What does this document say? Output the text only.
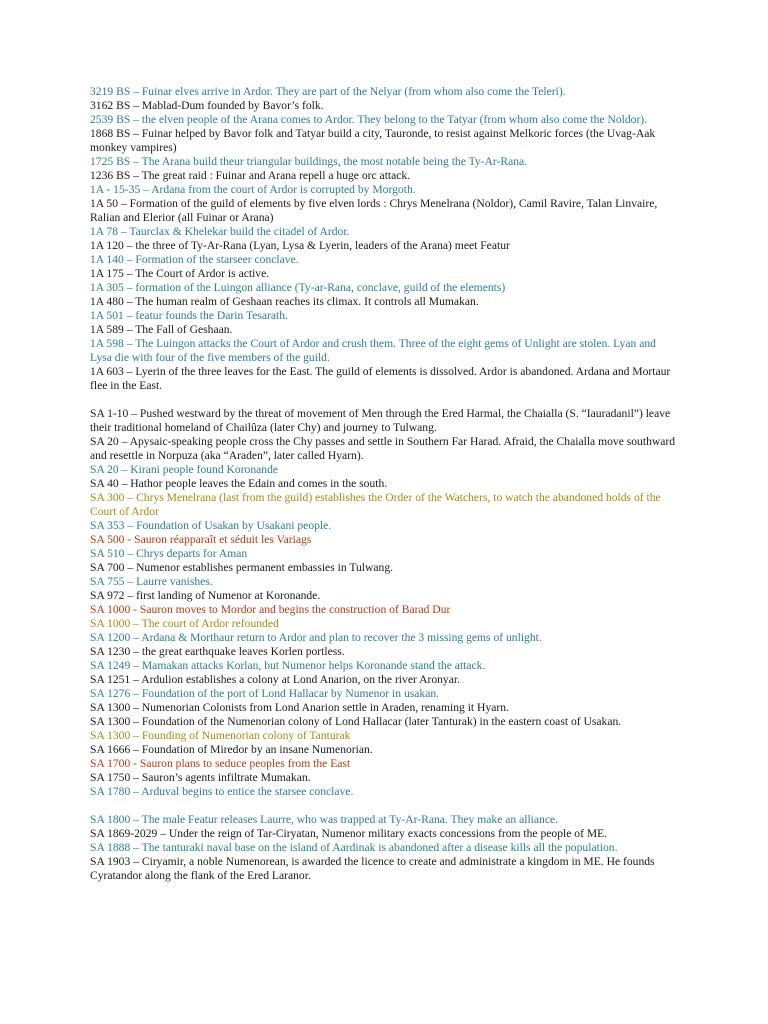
3219 BS – Fuinar elves arrive in Ardor. They are part of the Nelyar (from whom also come the Teleri).

3162 BS – Mablad-Dum founded by Bavor’s folk.

2539 BS – the elven people of the Arana comes to Ardor. They belong to the Tatyar (from whom also come the Noldor).

1868 BS – Fuinar helped by Bavor folk and Tatyar build a city, Tauronde, to resist against Melkoric forces (the Uvag-Aak monkey vampires)

1725 BS – The Arana build theur triangular buildings, the most notable being the Ty-Ar-Rana.

1236 BS – The great raid : Fuinar and Arana repell a huge orc attack.

1A - 15-35 – Ardana from the court of Ardor is corrupted by Morgoth.

1A 50 – Formation of the guild of elements by five elven lords : Chrys Menelrana (Noldor), Camil Ravire, Talan Linvaire, Ralian and Elerior (all Fuinar or Arana)

1A 78 – Taurclax & Khelekar build the citadel of Ardor.

1A 120 – the three of Ty-Ar-Rana (Lyan, Lysa & Lyerin, leaders of the Arana) meet Featur

1A 140 – Formation of the starseer conclave.

1A 175 – The Court of Ardor is active.

1A 305 – formation of the Luingon alliance (Ty-ar-Rana, conclave, guild of the elements)

1A 480 – The human realm of Geshaan reaches its climax. It controls all Mumakan.

1A 501 – featur founds the Darin Tesarath.

1A 589 – The Fall of Geshaan.

1A 598 – The Luingon attacks the Court of Ardor and crush them. Three of the eight gems of Unlight are stolen. Lyan and Lysa die with four of the five members of the guild.

1A 603 – Lyerin of the three leaves for the East. The guild of elements is dissolved. Ardor is abandoned. Ardana and Mortaur flee in the East.

SA 1-10 – Pushed westward by the threat of movement of Men through the Ered Harmal, the Chaialla (S. “Iauradanil”) leave their traditional homeland of Chailûza (later Chy) and journey to Tulwang.

SA 20 – Apysaic-speaking people cross the Chy passes and settle in Southern Far Harad. Afraid, the Chaialla move southward and resettle in Norpuza (aka “Araden”, later called Hyarn).

SA 20 – Kirani people found Koronande

SA 40 – Hathor people leaves the Edain and comes in the south.

SA 300 – Chrys Menelrana (last from the guild) establishes the Order of the Watchers, to watch the abandoned holds of the Court of Ardor

SA 353 – Foundation of Usakan by Usakani people.

SA 500 - Sauron réapparaît et séduit les Variags

SA 510 – Chrys departs for Aman

SA 700 – Numenor establishes permanent embassies in Tulwang.

SA 755 – Laurre vanishes.

SA 972 – first landing of Numenor at Koronande.

SA 1000 - Sauron moves to Mordor and begins the construction of Barad Dur

SA 1000 – The court of Ardor refounded

SA 1200 – Ardana & Morthaur return to Ardor and plan to recover the 3 missing gems of unlight.

SA 1230 – the great earthquake leaves Korlen portless.

SA 1249 – Mamakan attacks Korlan, but Numenor helps Koronande stand the attack.

SA 1251 – Ardulion establishes a colony at Lond Anarion, on the river Aronyar.

SA 1276 – Foundation of the port of Lond Hallacar by Numenor in usakan.

SA 1300 – Numenorian Colonists from Lond Anarion settle in Araden, renaming it Hyarn.

SA 1300 – Foundation of the Numenorian colony of Lond Hallacar (later Tanturak) in the eastern coast of Usakan.

SA 1300 – Founding of Numenorian colony of Tanturak

SA 1666 – Foundation of Miredor by an insane Numenorian.

SA 1700 - Sauron plans to seduce peoples from the East

SA 1750 – Sauron’s agents infiltrate Mumakan.

SA 1780 – Arduval begins to entice the starsee conclave.

SA 1800 – The male Featur releases Laurre, who was trapped at Ty-Ar-Rana. They make an alliance.

SA 1869-2029 – Under the reign of Tar-Ciryatan, Numenor military exacts concessions from the people of ME.

SA 1888 – The tanturaki naval base on the island of Aardinak is abandoned after a disease kills all the population.

SA 1903 – Ciryamir, a noble Numenorean, is awarded the licence to create and administrate a kingdom in ME. He founds Cyratandor along the flank of the Ered Laranor.
